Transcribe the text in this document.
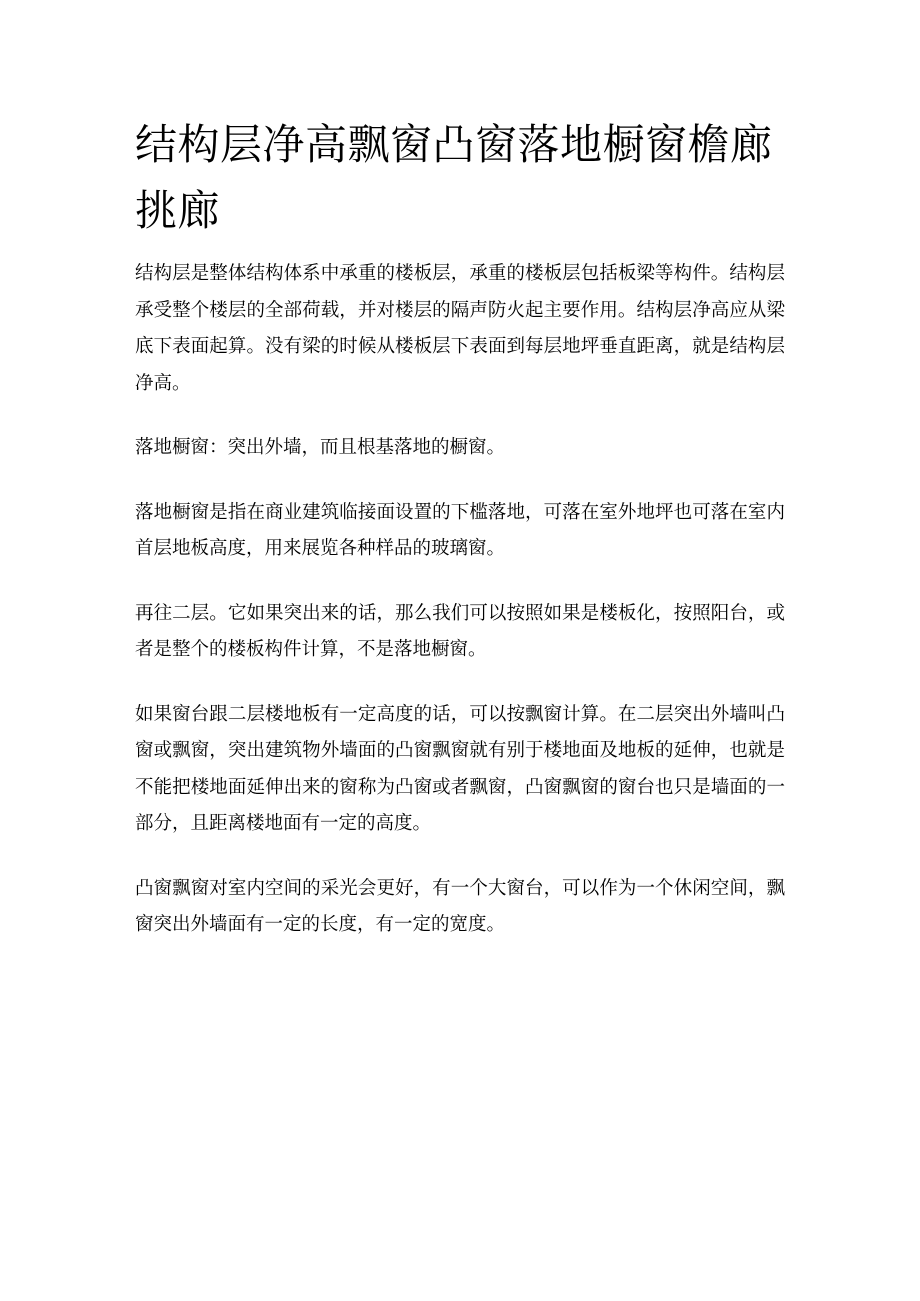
结构层净高飘窗凸窗落地橱窗檐廊挑廊

结构层是整体结构体系中承重的楼板层，承重的楼板层包括板梁等构件。结构层承受整个楼层的全部荷载，并对楼层的隔声防火起主要作用。结构层净高应从梁底下表面起算。没有梁的时候从楼板层下表面到每层地坪垂直距离，就是结构层净高。

落地橱窗：突出外墙，而且根基落地的橱窗。

落地橱窗是指在商业建筑临接面设置的下槛落地，可落在室外地坪也可落在室内首层地板高度，用来展览各种样品的玻璃窗。

再往二层。它如果突出来的话，那么我们可以按照如果是楼板化，按照阳台，或者是整个的楼板构件计算，不是落地橱窗。

如果窗台跟二层楼地板有一定高度的话，可以按飘窗计算。在二层突出外墙叫凸窗或飘窗，突出建筑物外墙面的凸窗飘窗就有别于楼地面及地板的延伸，也就是不能把楼地面延伸出来的窗称为凸窗或者飘窗，凸窗飘窗的窗台也只是墙面的一部分，且距离楼地面有一定的高度。

凸窗飘窗对室内空间的采光会更好，有一个大窗台，可以作为一个休闲空间，飘窗突出外墙面有一定的长度，有一定的宽度。
